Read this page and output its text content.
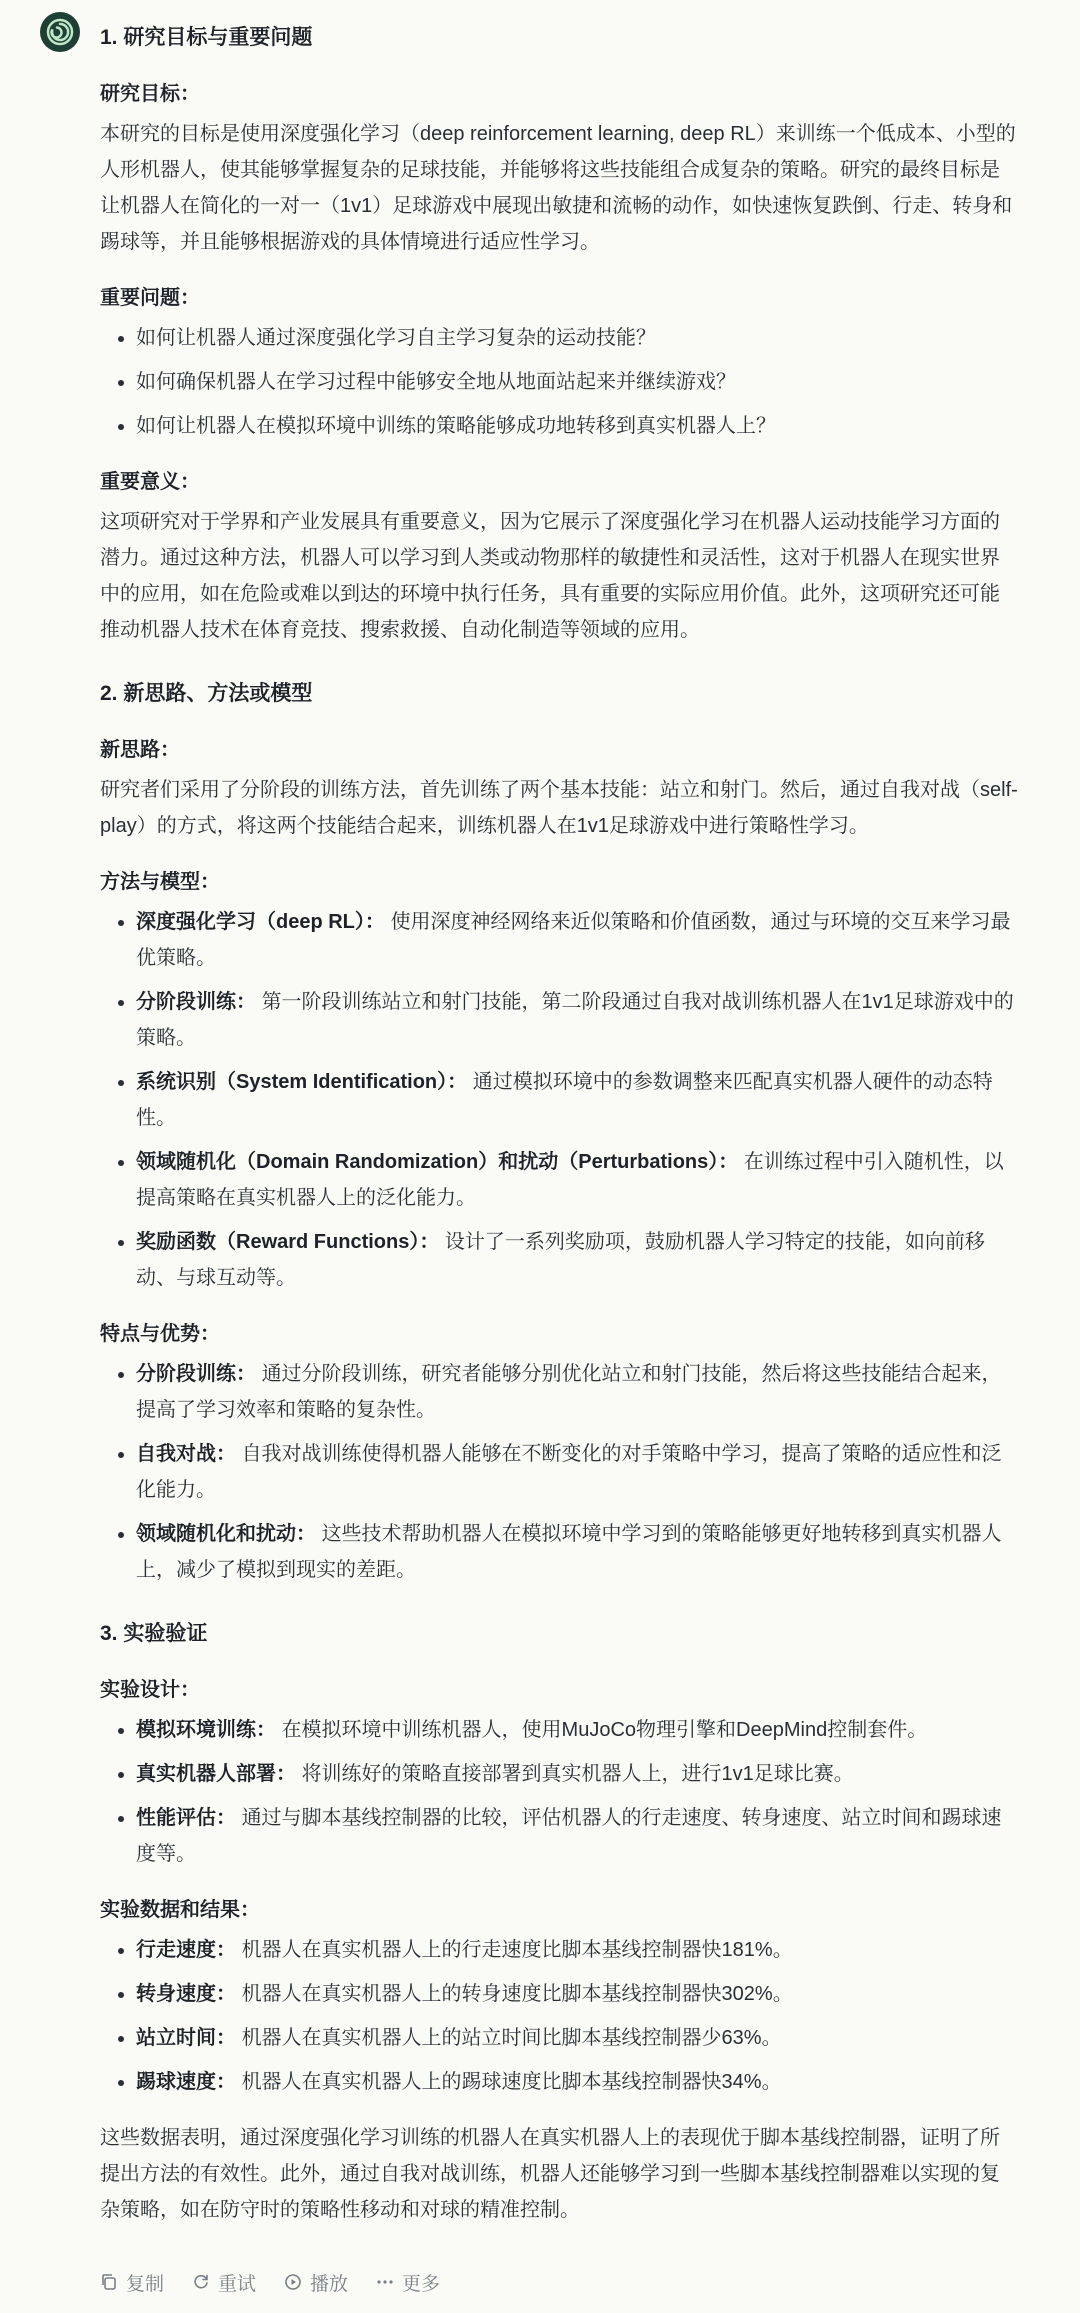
1. 研究目标与重要问题
研究目标：

本研究的目标是使用深度强化学习（deep reinforcement learning, deep RL）来训练一个低成本、小型的人形机器人，使其能够掌握复杂的足球技能，并能够将这些技能组合成复杂的策略。研究的最终目标是让机器人在简化的一对一（1v1）足球游戏中展现出敏捷和流畅的动作，如快速恢复跌倒、行走、转身和踢球等，并且能够根据游戏的具体情境进行适应性学习。

重要问题：
• 如何让机器人通过深度强化学习自主学习复杂的运动技能？
• 如何确保机器人在学习过程中能够安全地从地面站起来并继续游戏？
• 如何让机器人在模拟环境中训练的策略能够成功地转移到真实机器人上？
重要意义：

这项研究对于学界和产业发展具有重要意义，因为它展示了深度强化学习在机器人运动技能学习方面的潜力。通过这种方法，机器人可以学习到人类或动物那样的敏捷性和灵活性，这对于机器人在现实世界中的应用，如在危险或难以到达的环境中执行任务，具有重要的实际应用价值。此外，这项研究还可能推动机器人技术在体育竞技、搜索救援、自动化制造等领域的应用。

2. 新思路、方法或模型
新思路：

研究者们采用了分阶段的训练方法，首先训练了两个基本技能：站立和射门。然后，通过自我对战（self-play）的方式，将这两个技能结合起来，训练机器人在1v1足球游戏中进行策略性学习。

方法与模型：
• 深度强化学习（deep RL）： 使用深度神经网络来近似策略和价值函数，通过与环境的交互来学习最优策略。
• 分阶段训练： 第一阶段训练站立和射门技能，第二阶段通过自我对战训练机器人在1v1足球游戏中的策略。
• 系统识别（System Identification）： 通过模拟环境中的参数调整来匹配真实机器人硬件的动态特性。
• 领域随机化（Domain Randomization）和扰动（Perturbations）： 在训练过程中引入随机性，以提高策略在真实机器人上的泛化能力。
• 奖励函数（Reward Functions）： 设计了一系列奖励项，鼓励机器人学习特定的技能，如向前移动、与球互动等。
特点与优势：
• 分阶段训练： 通过分阶段训练，研究者能够分别优化站立和射门技能，然后将这些技能结合起来，提高了学习效率和策略的复杂性。
• 自我对战： 自我对战训练使得机器人能够在不断变化的对手策略中学习，提高了策略的适应性和泛化能力。
• 领域随机化和扰动： 这些技术帮助机器人在模拟环境中学习到的策略能够更好地转移到真实机器人上，减少了模拟到现实的差距。
3. 实验验证
实验设计：
• 模拟环境训练： 在模拟环境中训练机器人，使用MuJoCo物理引擎和DeepMind控制套件。
• 真实机器人部署： 将训练好的策略直接部署到真实机器人上，进行1v1足球比赛。
• 性能评估： 通过与脚本基线控制器的比较，评估机器人的行走速度、转身速度、站立时间和踢球速度等。
实验数据和结果：
• 行走速度： 机器人在真实机器人上的行走速度比脚本基线控制器快181%。
• 转身速度： 机器人在真实机器人上的转身速度比脚本基线控制器快302%。
• 站立时间： 机器人在真实机器人上的站立时间比脚本基线控制器少63%。
• 踢球速度： 机器人在真实机器人上的踢球速度比脚本基线控制器快34%。

这些数据表明，通过深度强化学习训练的机器人在真实机器人上的表现优于脚本基线控制器，证明了所提出方法的有效性。此外，通过自我对战训练，机器人还能够学习到一些脚本基线控制器难以实现的复杂策略，如在防守时的策略性移动和对球的精准控制。

复制	重试	播放	更多
